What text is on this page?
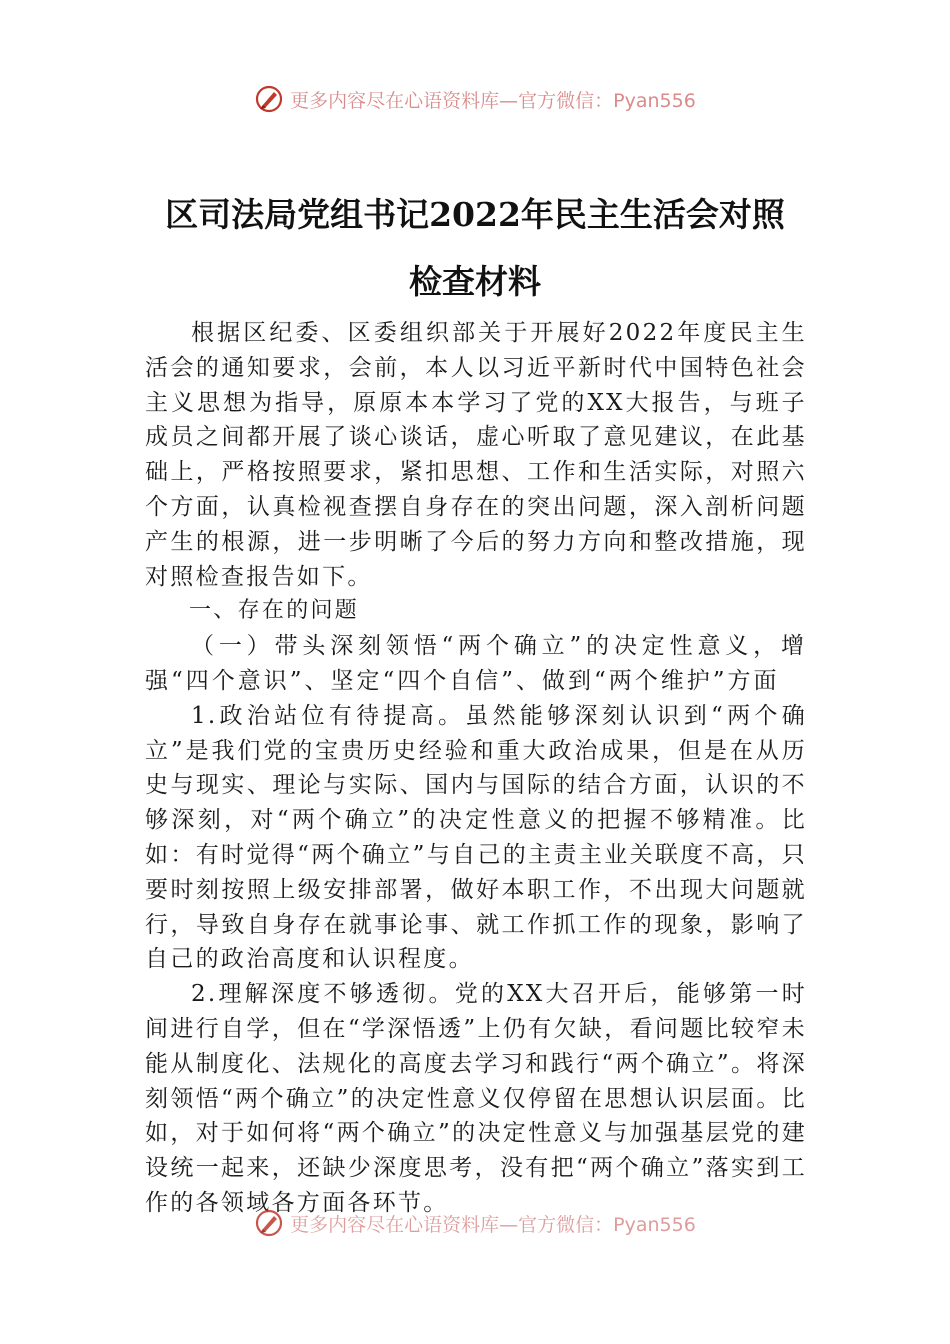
更多内容尽在心语资料库—官方微信：Pyan556
区司法局党组书记2022年民主生活会对照
检查材料

根据区纪委、区委组织部关于开展好2022年度民主生活会的通知要求，会前，本人以习近平新时代中国特色社会主义思想为指导，原原本本学习了党的XX大报告，与班子成员之间都开展了谈心谈话，虚心听取了意见建议，在此基础上，严格按照要求，紧扣思想、工作和生活实际，对照六个方面，认真检视查摆自身存在的突出问题，深入剖析问题产生的根源，进一步明晰了今后的努力方向和整改措施，现对照检查报告如下。

一、存在的问题

（一）带头深刻领悟“两个确立”的决定性意义，增强“四个意识”、坚定“四个自信”、做到“两个维护”方面

1.政治站位有待提高。虽然能够深刻认识到“两个确立”是我们党的宝贵历史经验和重大政治成果，但是在从历史与现实、理论与实际、国内与国际的结合方面，认识的不够深刻，对“两个确立”的决定性意义的把握不够精准。比如：有时觉得“两个确立”与自己的主责主业关联度不高，只要时刻按照上级安排部署，做好本职工作，不出现大问题就行，导致自身存在就事论事、就工作抓工作的现象，影响了自己的政治高度和认识程度。

2.理解深度不够透彻。党的XX大召开后，能够第一时间进行自学，但在“学深悟透”上仍有欠缺，看问题比较窄未能从制度化、法规化的高度去学习和践行“两个确立”。将深刻领悟“两个确立”的决定性意义仅停留在思想认识层面。比如，对于如何将“两个确立”的决定性意义与加强基层党的建设统一起来，还缺少深度思考，没有把“两个确立”落实到工作的各领域各方面各环节。

更多内容尽在心语资料库—官方微信：Pyan556
